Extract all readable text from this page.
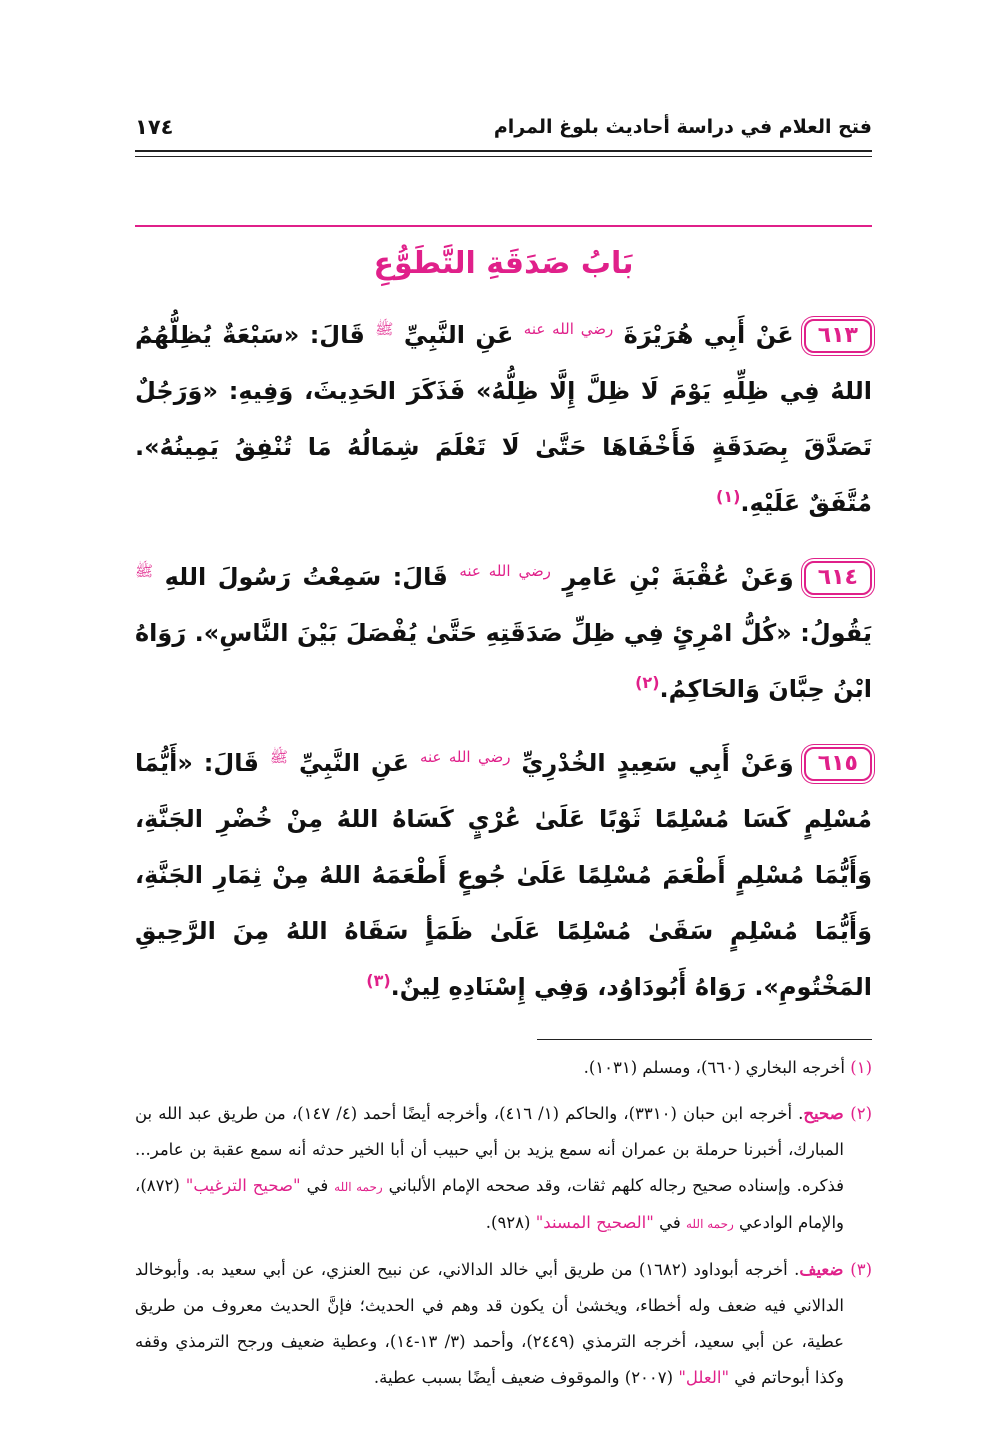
فتح العلام في دراسة أحاديث بلوغ المرام
١٧٤
بَابُ صَدَقَةِ التَّطَوُّعِ
٦١٣عَنْ أَبِي هُرَيْرَةَ $^{رضي الله عنه}$ عَنِ النَّبِيِّ $^ﷺ$ قَالَ: «سَبْعَةٌ يُظِلُّهُمُ اللهُ فِي ظِلِّهِ يَوْمَ لَا ظِلَّ إِلَّا ظِلُّهُ» فَذَكَرَ الحَدِيثَ، وَفِيهِ: «وَرَجُلٌ تَصَدَّقَ بِصَدَقَةٍ فَأَخْفَاهَا حَتَّىٰ لَا تَعْلَمَ شِمَالُهُ مَا تُنْفِقُ يَمِينُهُ». مُتَّفَقٌ عَلَيْهِ.$^{(١)}$
٦١٤وَعَنْ عُقْبَةَ بْنِ عَامِرٍ $^{رضي الله عنه}$ قَالَ: سَمِعْتُ رَسُولَ اللهِ $^ﷺ$ يَقُولُ: «كُلُّ امْرِئٍ فِي ظِلِّ صَدَقَتِهِ حَتَّىٰ يُفْصَلَ بَيْنَ النَّاسِ». رَوَاهُ ابْنُ حِبَّانَ وَالحَاكِمُ.$^{(٢)}$
٦١٥وَعَنْ أَبِي سَعِيدٍ الخُدْرِيِّ $^{رضي الله عنه}$ عَنِ النَّبِيِّ $^ﷺ$ قَالَ: «أَيُّمَا مُسْلِمٍ كَسَا مُسْلِمًا ثَوْبًا عَلَىٰ عُرْيٍ كَسَاهُ اللهُ مِنْ خُضْرِ الجَنَّةِ، وَأَيُّمَا مُسْلِمٍ أَطْعَمَ مُسْلِمًا عَلَىٰ جُوعٍ أَطْعَمَهُ اللهُ مِنْ ثِمَارِ الجَنَّةِ، وَأَيُّمَا مُسْلِمٍ سَقَىٰ مُسْلِمًا عَلَىٰ ظَمَأٍ سَقَاهُ اللهُ مِنَ الرَّحِيقِ المَخْتُومِ». رَوَاهُ أَبُودَاوُد، وَفِي إِسْنَادِهِ لِينٌ.$^{(٣)}$

(١) أخرجه البخاري (٦٦٠)، ومسلم (١٠٣١).

(٢) صحيح. أخرجه ابن حبان (٣٣١٠)، والحاكم (١/ ٤١٦)، وأخرجه أيضًا أحمد (٤/ ١٤٧)، من طريق عبد الله بن المبارك، أخبرنا حرملة بن عمران أنه سمع يزيد بن أبي حبيب أن أبا الخير حدثه أنه سمع عقبة بن عامر... فذكره. وإسناده صحيح رجاله كلهم ثقات، وقد صححه الإمام الألباني رحمه الله في "صحيح الترغيب" (٨٧٢)، والإمام الوادعي رحمه الله في "الصحيح المسند" (٩٢٨).

(٣) ضعيف. أخرجه أبوداود (١٦٨٢) من طريق أبي خالد الدالاني، عن نبيح العنزي، عن أبي سعيد به. وأبوخالد الدالاني فيه ضعف وله أخطاء، ويخشىٰ أن يكون قد وهم في الحديث؛ فإنَّ الحديث معروف من طريق عطية، عن أبي سعيد، أخرجه الترمذي (٢٤٤٩)، وأحمد (٣/ ١٣-١٤)، وعطية ضعيف ورجح الترمذي وقفه وكذا أبوحاتم في "العلل" (٢٠٠٧) والموقوف ضعيف أيضًا بسبب عطية.
